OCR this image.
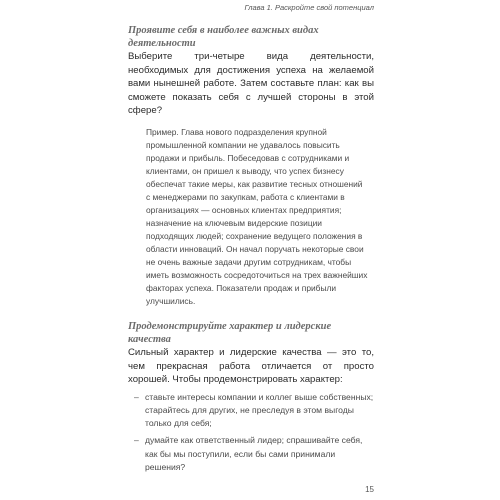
Глава 1. Раскройте свой потенциал
Проявите себя в наиболее важных видах деятельности

Выберите три-четыре вида деятельности, необходимых для достижения успеха на желаемой вами нынешней работе. Затем составьте план: как вы сможете показать себя с лучшей стороны в этой сфере?

Пример. Глава нового подразделения крупной промышленной компании не удавалось повысить продажи и прибыль. Побеседовав с сотрудниками и клиентами, он пришел к выводу, что успех бизнесу обеспечат такие меры, как развитие тесных отношений с менеджерами по закупкам, работа с клиентами в организациях — основных клиентах предприятия; назначение на ключевым видерские позиции подходящих людей; сохранение ведущего положения в области инноваций. Он начал поручать некоторые свои не очень важные задачи другим сотрудникам, чтобы иметь возможность сосредоточиться на трех важнейших факторах успеха. Показатели продаж и прибыли улучшились.

Продемонстрируйте характер и лидерские качества

Сильный характер и лидерские качества — это то, чем прекрасная работа отличается от просто хорошей. Чтобы продемонстрировать характер:

– ставьте интересы компании и коллег выше собственных; старайтесь для других, не преследуя в этом выгоды только для себя;
– думайте как ответственный лидер; спрашивайте себя, как бы мы поступили, если бы сами принимали решения?
15
